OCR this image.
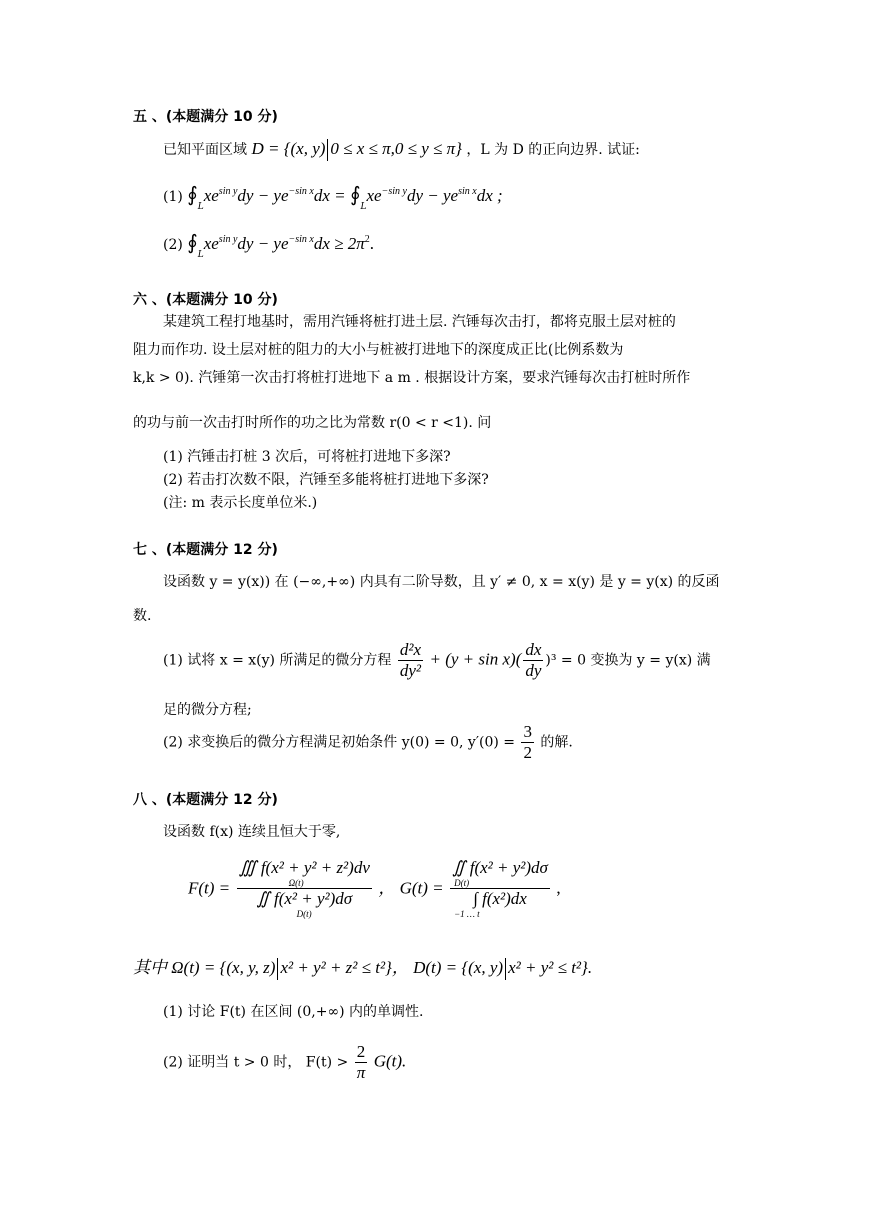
五 、(本题满分 10 分)
已知平面区域 D = {(x, y) 0 ≤ x ≤ π,0 ≤ y ≤ π} ，L 为 D 的正向边界. 试证:
(1) $∮_Lxe^{sin y}dy - ye^{-sin x}dx$ = $∮_Lxe^{-sin y}dy - ye^{sin x}dx$ ;
(2) $∮_Lxe^{sin y}dy - ye^{-sin x}dx \ge 2\pi^2$.
六 、(本题满分 10 分)
某建筑工程打地基时，需用汽锤将桩打进土层. 汽锤每次击打，都将克服土层对桩的
阻力而作功. 设土层对桩的阻力的大小与桩被打进地下的深度成正比(比例系数为
k,k > 0). 汽锤第一次击打将桩打进地下 a m . 根据设计方案，要求汽锤每次击打桩时所作
的功与前一次击打时所作的功之比为常数 r(0 < r <1). 问
(1) 汽锤击打桩 3 次后，可将桩打进地下多深?
(2) 若击打次数不限，汽锤至多能将桩打进地下多深?
(注: m 表示长度单位米.)
七 、(本题满分 12 分)
设函数 y = y(x)) 在 (−∞,+∞) 内具有二阶导数，且 y′ ≠ 0, x = x(y) 是 y = y(x) 的反函
数.
(1) 试将 x = x(y) 所满足的微分方程 $\frac{\text{d²x}}{\text{dy²}} + (y + \sin x)( \frac{dx}{dy} )^3 = 0$ 变换为 y = y(x) 满
足的微分方程;
(2) 求变换后的微分方程满足初始条件 y(0) = 0, $y'(0) = \frac{3}{2}$ 的解.
八 、(本题满分 12 分)
设函数 f(x) 连续且恒大于零,
F(t) =
∭ f(x² + y² + z²)dv

Ω(t)
∬ f(x² + y²)dσ

D(t)
， G(t) =
∬ f(x² + y²)dσ

D(t)
∫ f(x²)dx

−1 … t
,
其中 Ω(t) = {(x, y, z) x² + y² + z² ≤ t²}， D(t) = {(x, y) x² + y² ≤ t²}.
(1) 讨论 F(t) 在区间 (0,+∞) 内的单调性.
(2) 证明当 t > 0 时， $F(t) > \frac{2}{\pi} G(t)$.
